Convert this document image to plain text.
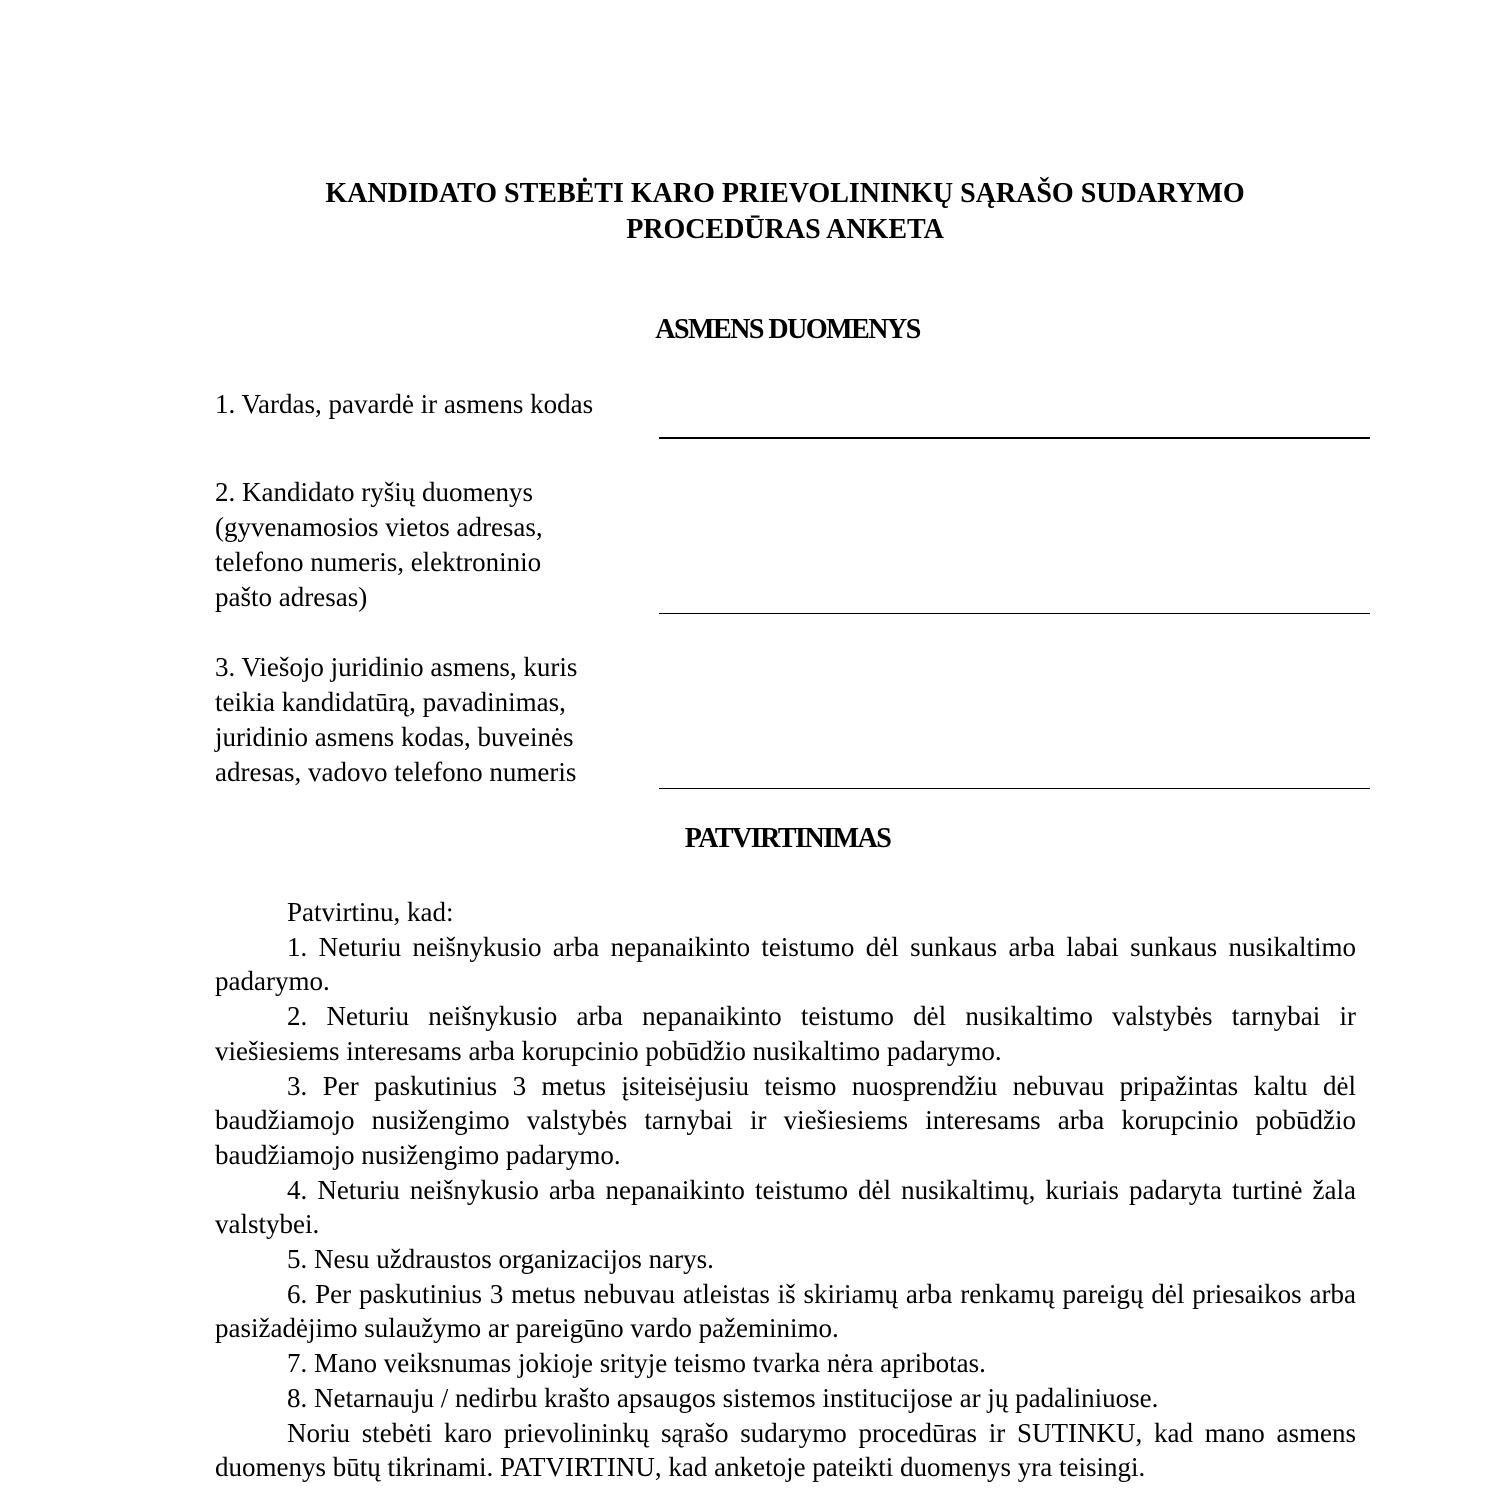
KANDIDATO STEBĖTI KARO PRIEVOLININKŲ SĄRAŠO SUDARYMO
PROCEDŪRAS ANKETA
ASMENS DUOMENYS
1. Vardas, pavardė ir asmens kodas
2. Kandidato ryšių duomenys (gyvenamosios vietos adresas, telefono numeris, elektroninio pašto adresas)
3. Viešojo juridinio asmens, kuris teikia kandidatūrą, pavadinimas, juridinio asmens kodas, buveinės adresas, vadovo telefono numeris
PATVIRTINIMAS

Patvirtinu, kad:

1. Neturiu neišnykusio arba nepanaikinto teistumo dėl sunkaus arba labai sunkaus nusikaltimo padarymo.

2. Neturiu neišnykusio arba nepanaikinto teistumo dėl nusikaltimo valstybės tarnybai ir viešiesiems interesams arba korupcinio pobūdžio nusikaltimo padarymo.

3. Per paskutinius 3 metus įsiteisėjusiu teismo nuosprendžiu nebuvau pripažintas kaltu dėl baudžiamojo nusižengimo valstybės tarnybai ir viešiesiems interesams arba korupcinio pobūdžio baudžiamojo nusižengimo padarymo.

4. Neturiu neišnykusio arba nepanaikinto teistumo dėl nusikaltimų, kuriais padaryta turtinė žala valstybei.

5. Nesu uždraustos organizacijos narys.

6. Per paskutinius 3 metus nebuvau atleistas iš skiriamų arba renkamų pareigų dėl priesaikos arba pasižadėjimo sulaužymo ar pareigūno vardo pažeminimo.

7. Mano veiksnumas jokioje srityje teismo tvarka nėra apribotas.

8. Netarnauju / nedirbu krašto apsaugos sistemos institucijose ar jų padaliniuose.

Noriu stebėti karo prievolininkų sąrašo sudarymo procedūras ir SUTINKU, kad mano asmens duomenys būtų tikrinami. PATVIRTINU, kad anketoje pateikti duomenys yra teisingi.
